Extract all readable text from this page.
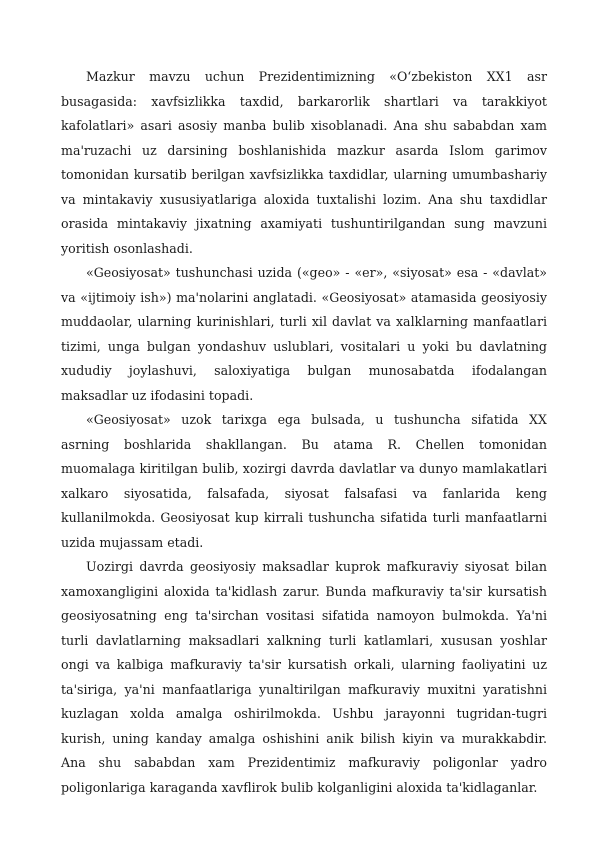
Mazkur mavzu uchun Prezidentimizning «O‘zbekiston XX1 asr busagasida: xavfsizlikka taxdid, barkarorlik shartlari va tarakkiyot kafolatlari» asari asosiy manba bulib xisoblanadi. Ana shu sababdan xam ma'ruzachi uz darsining boshlanishida mazkur asarda Islom garimov tomonidan kursatib berilgan xavfsizlikka taxdidlar, ularning umumbashariy va mintakaviy xususiyatlariga aloxida tuxtalishi lozim. Ana shu taxdidlar orasida mintakaviy jixatning axamiyati tushuntirilgandan sung mavzuni yoritish osonlashadi.

«Geosiyosat» tushunchasi uzida («geo» - «er», «siyosat» esa - «davlat» va «ijtimoiy ish») ma'nolarini anglatadi. «Geosiyosat» atamasida geosiyosiy muddaolar, ularning kurinishlari, turli xil davlat va xalklarning manfaatlari tizimi, unga bulgan yondashuv uslublari, vositalari u yoki bu davlatning xududiy joylashuvi, saloxiyatiga bulgan munosabatda ifodalangan maksadlar uz ifodasini topadi.

«Geosiyosat» uzok tarixga ega bulsada, u tushuncha sifatida XX asrning boshlarida shakllangan. Bu atama R. Chellen tomonidan muomalaga kiritilgan bulib, xozirgi davrda davlatlar va dunyo mamlakatlari xalkaro siyosatida, falsafada, siyosat falsafasi va fanlarida keng kullanilmokda. Geosiyosat kup kirrali tushuncha sifatida turli manfaatlarni uzida mujassam etadi.

Uozirgi davrda geosiyosiy maksadlar kuprok mafkuraviy siyosat bilan xamoxangligini aloxida ta'kidlash zarur. Bunda mafkuraviy ta'sir kursatish geosiyosatning eng ta'sirchan vositasi sifatida namoyon bulmokda. Ya'ni turli davlatlarning maksadlari xalkning turli katlamlari, xususan yoshlar ongi va kalbiga mafkuraviy ta'sir kursatish orkali, ularning faoliyatini uz ta'siriga, ya'ni manfaatlariga yunaltirilgan mafkuraviy muxitni yaratishni kuzlagan xolda amalga oshirilmokda. Ushbu jarayonni tugridan-tugri kurish, uning kanday amalga oshishini anik bilish kiyin va murakkabdir. Ana shu sababdan xam Prezidentimiz mafkuraviy poligonlar yadro poligonlariga karaganda xavflirok bulib kolganligini aloxida ta'kidlaganlar.
